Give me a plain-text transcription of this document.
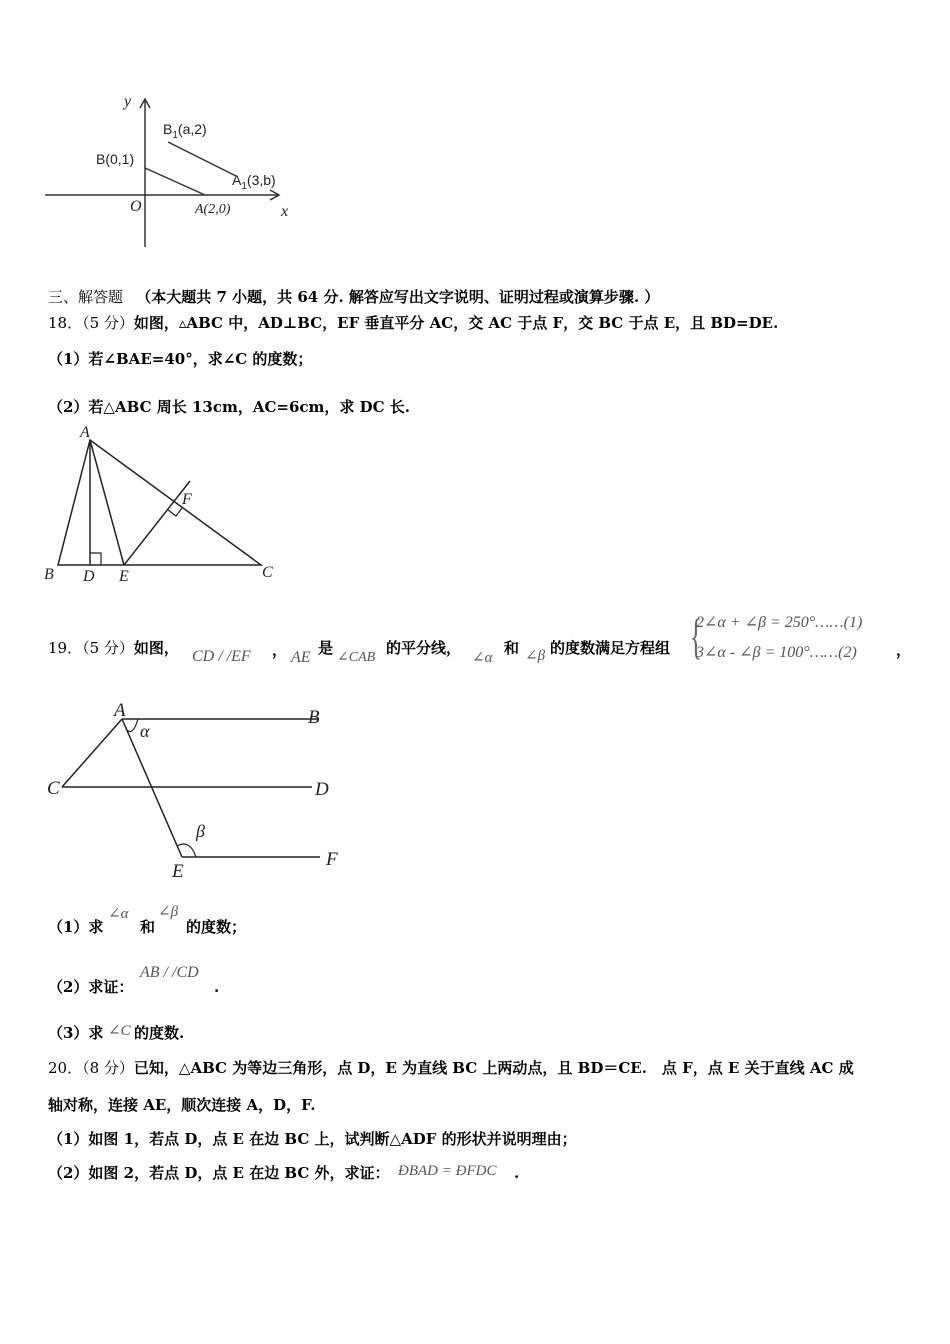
y
x
O	A(2,0)
B(0,1)
$B_1(a,2)$
$A_1(3,b)$
三、解答题 （本大题共 7 小题，共 64 分. 解答应写出文字说明、证明过程或演算步骤. ）
18．（5 分）如图，▵ABC 中，AD⊥BC，EF 垂直平分 AC，交 AC 于点 F，交 BC 于点 E，且 BD=DE.
（1）若∠BAE=40°，求∠C 的度数；
（2）若△ABC 周长 13cm，AC=6cm，求 DC 长.
A
B D E	C
F
19．（5 分）如图， CD / /EF ， AE
是
∠CAB
的平分线，
∠α
和 ∠β 的度数满足方程组 {
2∠α + ∠β = 250°……(1)
3∠α - ∠β = 100°……(2)	，
A	B
C	D
E
F
α
β
（1）求
∠α
和
∠β
的度数；
（2）求证：
AB / /CD
.
（3）求 ∠C 的度数.
20．（8 分）已知，△ABC 为等边三角形，点 D，E 为直线 BC 上两动点，且 BD＝CE.　点 F，点 E 关于直线 AC 成
轴对称，连接 AE，顺次连接 A，D，F.
（1）如图 1，若点 D，点 E 在边 BC 上，试判断△ADF 的形状并说明理由；
（2）如图 2，若点 D，点 E 在边 BC 外，求证： ÐBAD = ÐFDC .
